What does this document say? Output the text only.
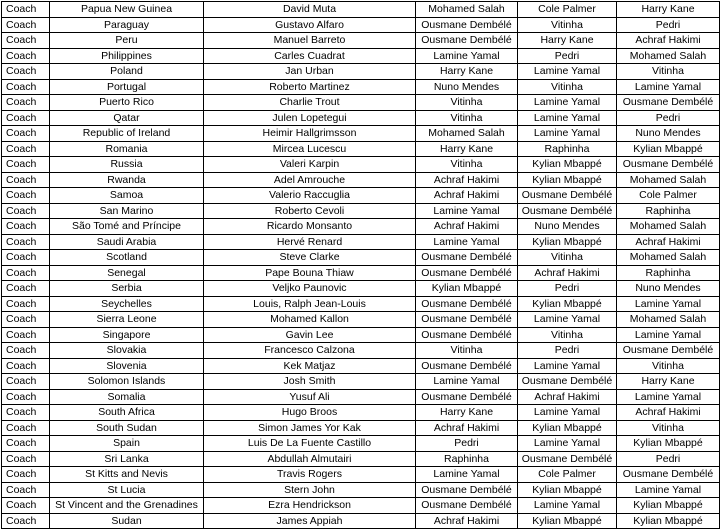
Coach	Papua New Guinea	David Muta	Mohamed Salah	Cole Palmer	Harry Kane
Coach	Paraguay	Gustavo Alfaro	Ousmane Dembélé	Vitinha	Pedri
Coach	Peru	Manuel Barreto	Ousmane Dembélé	Harry Kane	Achraf Hakimi
Coach	Philippines	Carles Cuadrat	Lamine Yamal	Pedri	Mohamed Salah
Coach	Poland	Jan Urban	Harry Kane	Lamine Yamal	Vitinha
Coach	Portugal	Roberto Martinez	Nuno Mendes	Vitinha	Lamine Yamal
Coach	Puerto Rico	Charlie Trout	Vitinha	Lamine Yamal	Ousmane Dembélé
Coach	Qatar	Julen Lopetegui	Vitinha	Lamine Yamal	Pedri
Coach	Republic of Ireland	Heimir Hallgrimsson	Mohamed Salah	Lamine Yamal	Nuno Mendes
Coach	Romania	Mircea Lucescu	Harry Kane	Raphinha	Kylian Mbappé
Coach	Russia	Valeri Karpin	Vitinha	Kylian Mbappé	Ousmane Dembélé
Coach	Rwanda	Adel Amrouche	Achraf Hakimi	Kylian Mbappé	Mohamed Salah
Coach	Samoa	Valerio Raccuglia	Achraf Hakimi	Ousmane Dembélé	Cole Palmer
Coach	San Marino	Roberto Cevoli	Lamine Yamal	Ousmane Dembélé	Raphinha
Coach	São Tomé and Príncipe	Ricardo Monsanto	Achraf Hakimi	Nuno Mendes	Mohamed Salah
Coach	Saudi Arabia	Hervé Renard	Lamine Yamal	Kylian Mbappé	Achraf Hakimi
Coach	Scotland	Steve Clarke	Ousmane Dembélé	Vitinha	Mohamed Salah
Coach	Senegal	Pape Bouna Thiaw	Ousmane Dembélé	Achraf Hakimi	Raphinha
Coach	Serbia	Veljko Paunovic	Kylian Mbappé	Pedri	Nuno Mendes
Coach	Seychelles	Louis, Ralph Jean-Louis	Ousmane Dembélé	Kylian Mbappé	Lamine Yamal
Coach	Sierra Leone	Mohamed Kallon	Ousmane Dembélé	Lamine Yamal	Mohamed Salah
Coach	Singapore	Gavin Lee	Ousmane Dembélé	Vitinha	Lamine Yamal
Coach	Slovakia	Francesco Calzona	Vitinha	Pedri	Ousmane Dembélé
Coach	Slovenia	Kek Matjaz	Ousmane Dembélé	Lamine Yamal	Vitinha
Coach	Solomon Islands	Josh Smith	Lamine Yamal	Ousmane Dembélé	Harry Kane
Coach	Somalia	Yusuf Ali	Ousmane Dembélé	Achraf Hakimi	Lamine Yamal
Coach	South Africa	Hugo Broos	Harry Kane	Lamine Yamal	Achraf Hakimi
Coach	South Sudan	Simon James Yor Kak	Achraf Hakimi	Kylian Mbappé	Vitinha
Coach	Spain	Luis De La Fuente Castillo	Pedri	Lamine Yamal	Kylian Mbappé
Coach	Sri Lanka	Abdullah Almutairi	Raphinha	Ousmane Dembélé	Pedri
Coach	St Kitts and Nevis	Travis Rogers	Lamine Yamal	Cole Palmer	Ousmane Dembélé
Coach	St Lucia	Stern John	Ousmane Dembélé	Kylian Mbappé	Lamine Yamal
Coach	St Vincent and the Grenadines	Ezra Hendrickson	Ousmane Dembélé	Lamine Yamal	Kylian Mbappé
Coach	Sudan	James Appiah	Achraf Hakimi	Kylian Mbappé	Kylian Mbappé
